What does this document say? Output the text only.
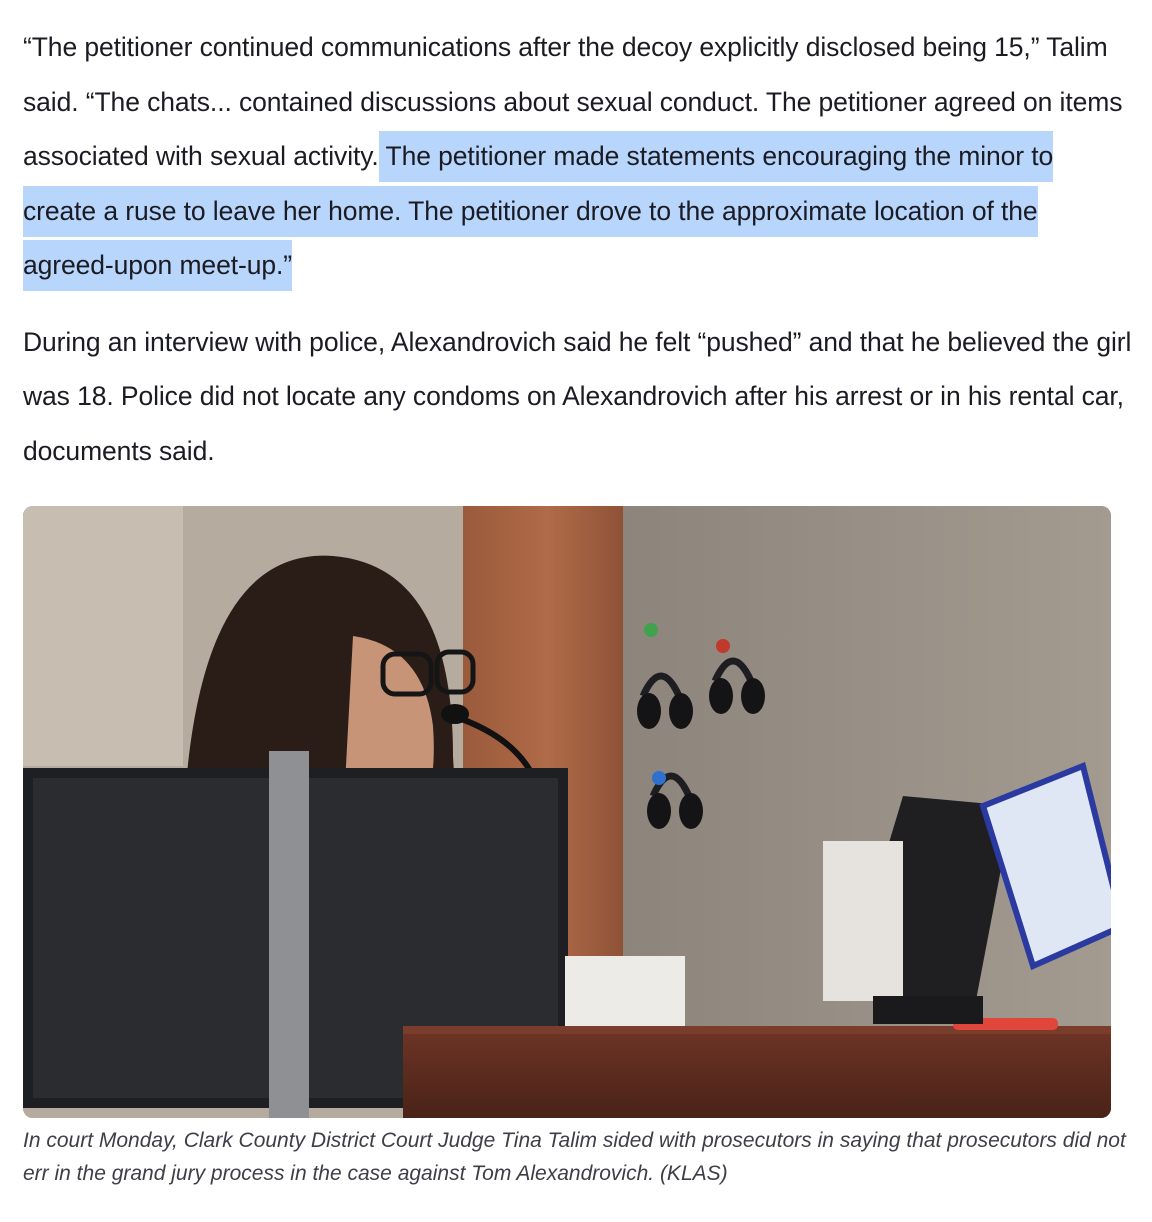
“The petitioner continued communications after the decoy explicitly disclosed being 15,” Talim said. “The chats... contained discussions about sexual conduct. The petitioner agreed on items associated with sexual activity. The petitioner made statements encouraging the minor to create a ruse to leave her home. The petitioner drove to the approximate location of the agreed-upon meet-up.”

During an interview with police, Alexandrovich said he felt “pushed” and that he believed the girl was 18. Police did not locate any condoms on Alexandrovich after his arrest or in his rental car, documents said.

In court Monday, Clark County District Court Judge Tina Talim sided with prosecutors in saying that prosecutors did not err in the grand jury process in the case against Tom Alexandrovich. (KLAS)
